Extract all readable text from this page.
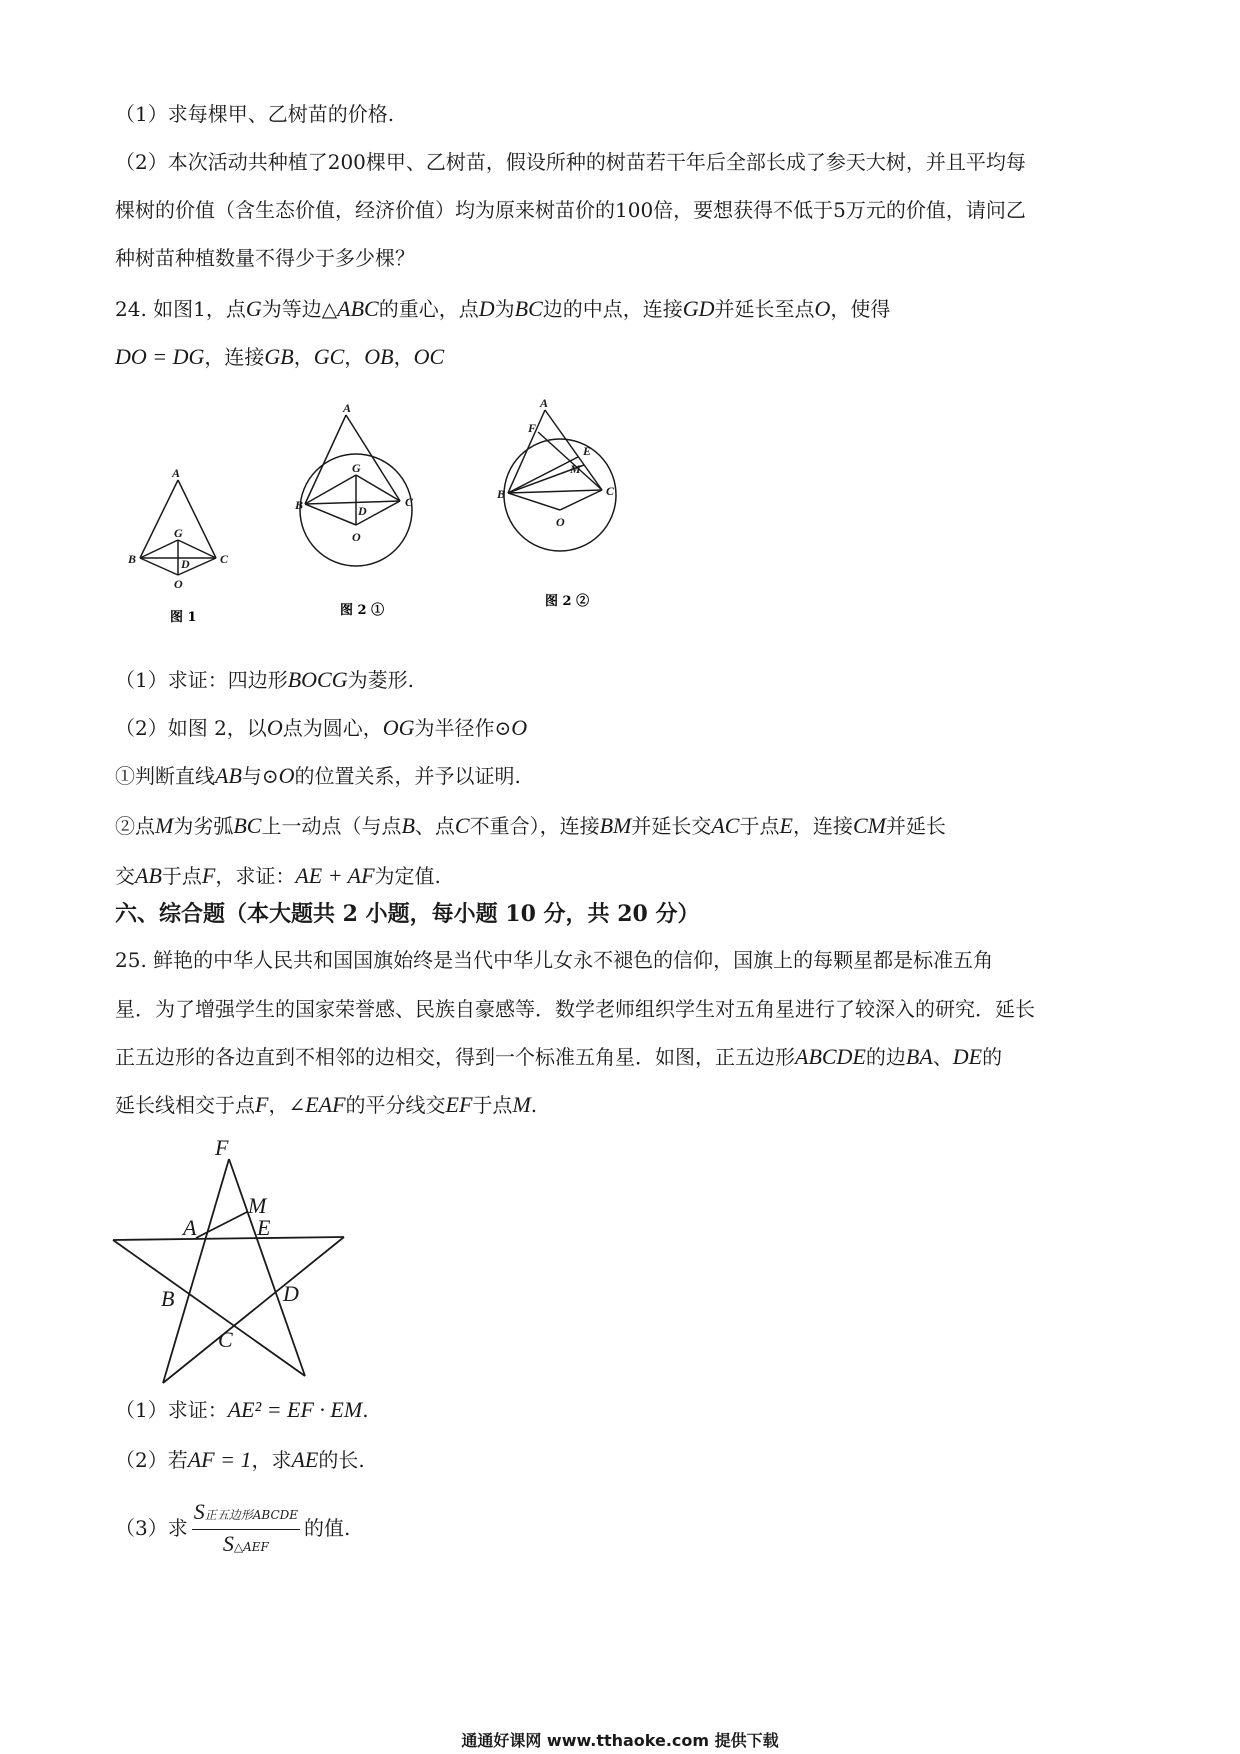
（1）求每棵甲、乙树苗的价格.
（2）本次活动共种植了200棵甲、乙树苗，假设所种的树苗若干年后全部长成了参天大树，并且平均每
棵树的价值（含生态价值，经济价值）均为原来树苗价的100倍，要想获得不低于5万元的价值，请问乙
种树苗种植数量不得少于多少棵？
24. 如图1，点G为等边△ABC的重心，点D为BC边的中点，连接GD并延长至点O，使得
DO = DG，连接GB，GC，OB，OC
A
B	C
G
D
O
图 1
A
B	C
G
D
O
图 2 ①
A
F
E
M
B	C
O
图 2 ②
（1）求证：四边形BOCG为菱形.
（2）如图 2，以O点为圆心，OG为半径作⊙O
①判断直线AB与⊙O的位置关系，并予以证明.
②点M为劣弧BC上一动点（与点B、点C不重合），连接BM并延长交AC于点E，连接CM并延长
交AB于点F，求证：AE + AF为定值.
六、综合题（本大题共 2 小题，每小题 10 分，共 20 分）
25. 鲜艳的中华人民共和国国旗始终是当代中华儿女永不褪色的信仰，国旗上的每颗星都是标准五角
星．为了增强学生的国家荣誉感、民族自豪感等．数学老师组织学生对五角星进行了较深入的研究．延长
正五边形的各边直到不相邻的边相交，得到一个标准五角星．如图，正五边形ABCDE的边BA、DE的
延长线相交于点F，∠EAF的平分线交EF于点M.
F
M
A	E
B	D
C
（1）求证：AE² = EF · EM.
（2）若AF = 1，求AE的长.
（3）求 $\frac{\text{S正五边形ABCDE}}{\text{S△AEF}}$ 的值.
通通好课网 www.tthaoke.com 提供下载
